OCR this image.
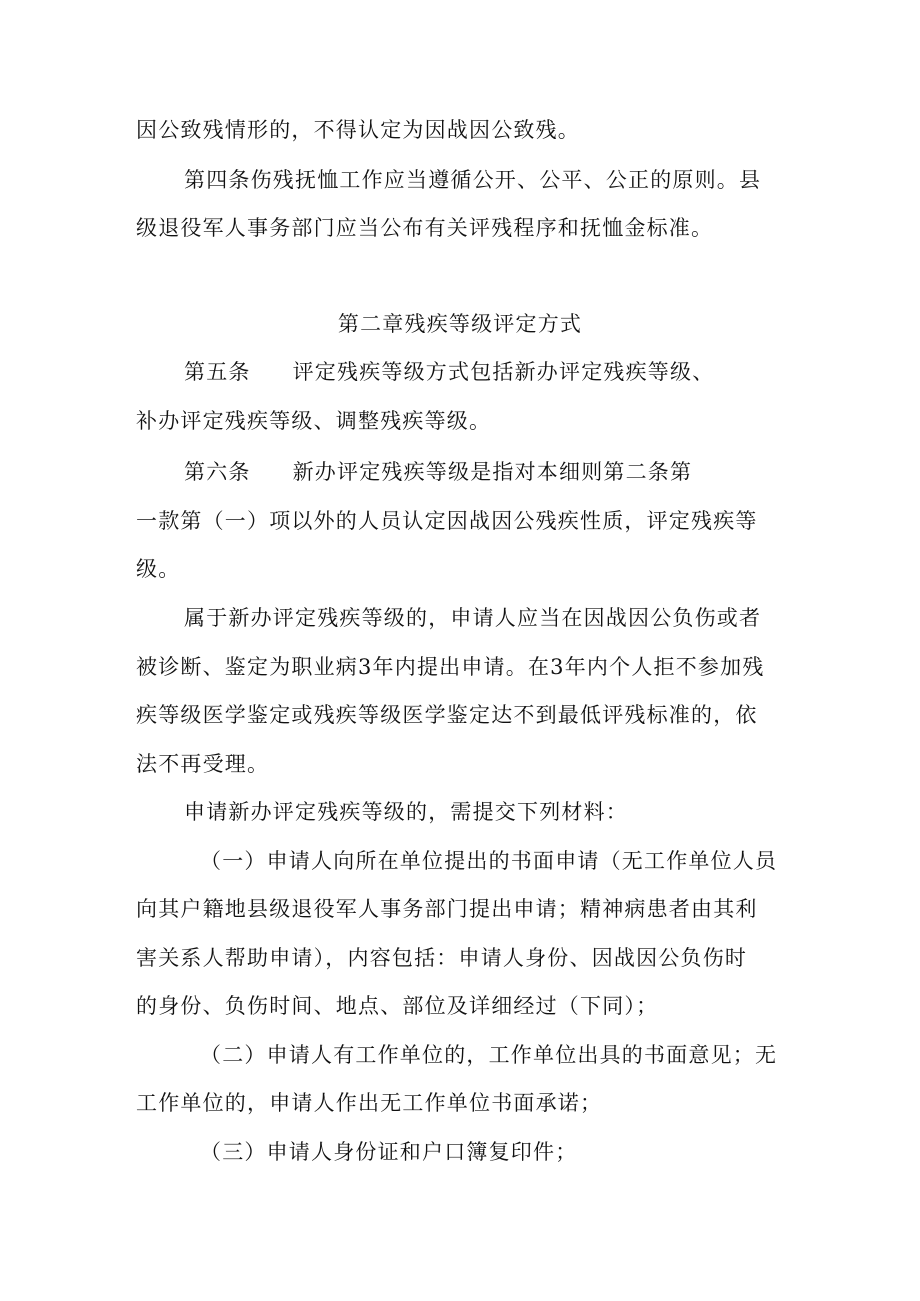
因公致残情形的，不得认定为因战因公致残。
第四条伤残抚恤工作应当遵循公开、公平、公正的原则。县
级退役军人事务部门应当公布有关评残程序和抚恤金标准。
第二章残疾等级评定方式
第五条 评定残疾等级方式包括新办评定残疾等级、
补办评定残疾等级、调整残疾等级。
第六条 新办评定残疾等级是指对本细则第二条第
一款第（一）项以外的人员认定因战因公残疾性质，评定残疾等
级。
属于新办评定残疾等级的，申请人应当在因战因公负伤或者
被诊断、鉴定为职业病3年内提出申请。在3年内个人拒不参加残
疾等级医学鉴定或残疾等级医学鉴定达不到最低评残标准的，依
法不再受理。
申请新办评定残疾等级的，需提交下列材料：
（一）申请人向所在单位提出的书面申请（无工作单位人员
向其户籍地县级退役军人事务部门提出申请；精神病患者由其利
害关系人帮助申请），内容包括：申请人身份、因战因公负伤时
的身份、负伤时间、地点、部位及详细经过（下同）；
（二）申请人有工作单位的，工作单位出具的书面意见；无
工作单位的，申请人作出无工作单位书面承诺；
（三）申请人身份证和户口簿复印件；
